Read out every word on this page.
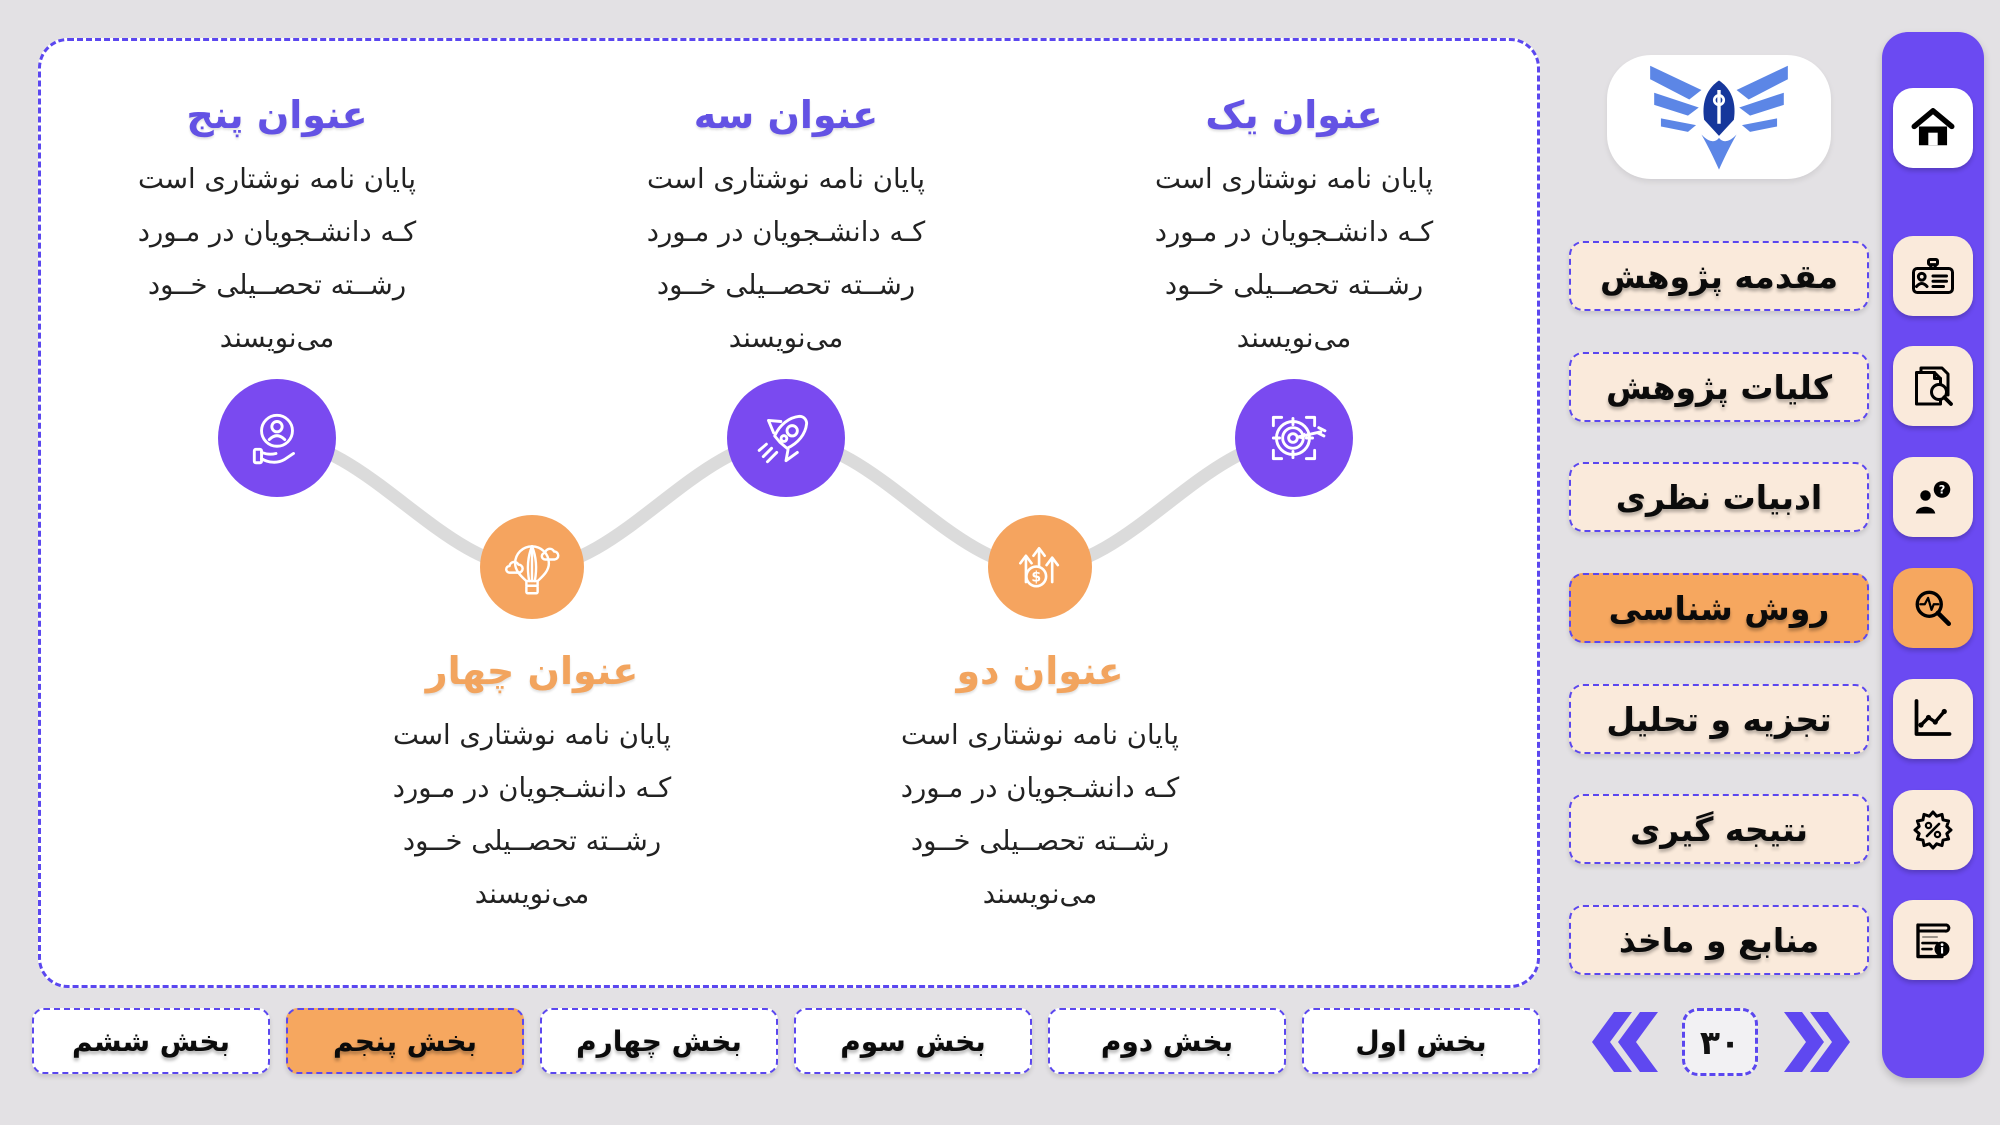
عنوان پنج
پایان نامه نوشتاری است
کـه دانشـجویان در مـورد
رشــته تحصــیلی خــود
می‌نویسند
عنوان سه
پایان نامه نوشتاری است
کـه دانشـجویان در مـورد
رشــته تحصــیلی خــود
می‌نویسند
عنوان یک
پایان نامه نوشتاری است
کـه دانشـجویان در مـورد
رشــته تحصــیلی خــود
می‌نویسند
عنوان چهار
پایان نامه نوشتاری است
کـه دانشـجویان در مـورد
رشــته تحصــیلی خــود
می‌نویسند
عنوان دو
پایان نامه نوشتاری است
کـه دانشـجویان در مـورد
رشــته تحصــیلی خــود
می‌نویسند
$
مقدمه پژوهش
کلیات پژوهش
ادبیات نظری
روش شناسی
تجزیه و تحلیل
نتیجه گیری
منابع و ماخذ
?
بخش اول
بخش دوم
بخش سوم
بخش چهارم
بخش پنجم
بخش ششم	۳۰
